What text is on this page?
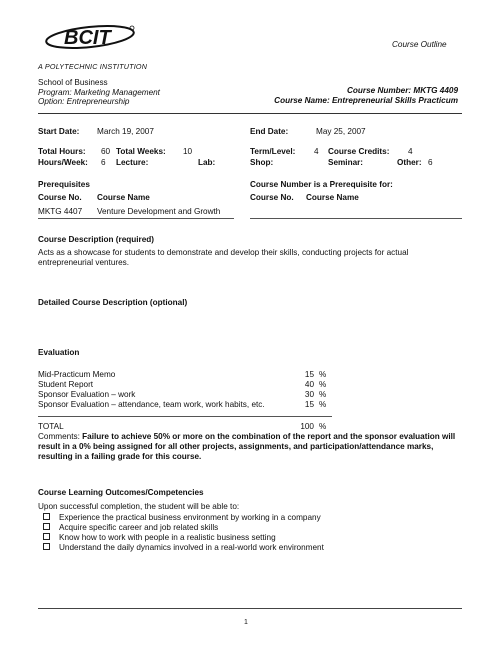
BCIT
A POLYTECHNIC INSTITUTION
Course Outline
School of Business
Program: Marketing Management
Option: Entrepreneurship
Course Number: MKTG 4409
Course Name: Entrepreneurial Skills Practicum
Start Date: March 19, 2007	End Date:	May 25, 2007
Total Hours: 60 Total Weeks: 10	Term/Level: 4 Course Credits: 4
Hours/Week: 6 Lecture:	Lab:	Shop:	Seminar:	Other: 6
Prerequisites
Course No. Course Name
MKTG 4407 Venture Development and Growth
Course Number is a Prerequisite for:
Course No. Course Name
Course Description (required)
Acts as a showcase for students to demonstrate and develop their skills, conducting projects for actual entrepreneurial ventures.
Detailed Course Description (optional)
Evaluation
Mid-Practicum Memo	15 %
Student Report	40 %
Sponsor Evaluation – work	30 %
Sponsor Evaluation – attendance, team work, work habits, etc.	15 %
TOTAL	100 %
Comments: Failure to achieve 50% or more on the combination of the report and the sponsor evaluation will result in a 0% being assigned for all other projects, assignments, and participation/attendance marks, resulting in a failing grade for this course.
Course Learning Outcomes/Competencies
Upon successful completion, the student will be able to:
Experience the practical business environment by working in a company
Acquire specific career and job related skills
Know how to work with people in a realistic business setting
Understand the daily dynamics involved in a real-world work environment
1
